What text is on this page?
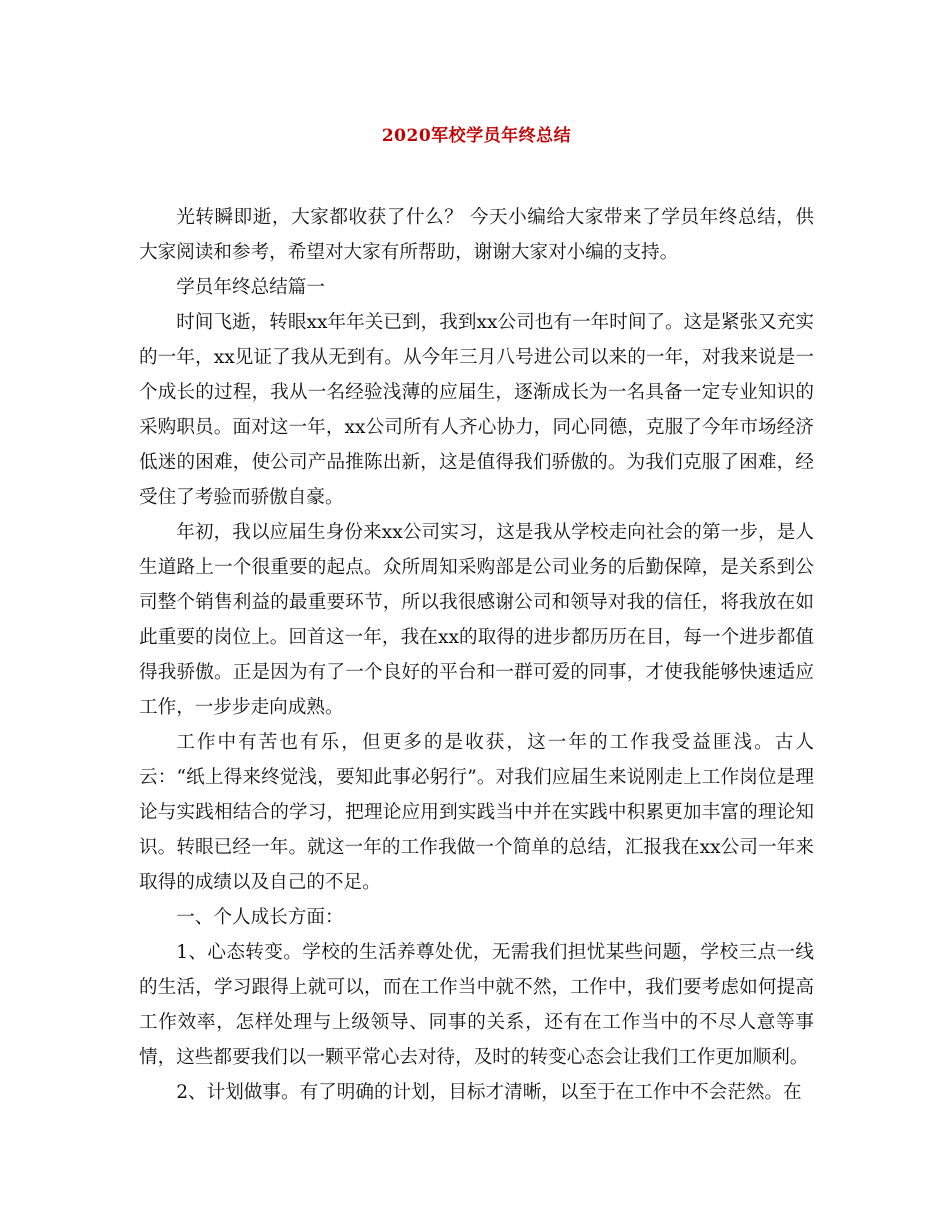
2020军校学员年终总结

光转瞬即逝，大家都收获了什么？ 今天小编给大家带来了学员年终总结，供大家阅读和参考，希望对大家有所帮助，谢谢大家对小编的支持。

学员年终总结篇一

时间飞逝，转眼xx年年关已到，我到xx公司也有一年时间了。这是紧张又充实的一年，xx见证了我从无到有。从今年三月八号进公司以来的一年，对我来说是一个成长的过程，我从一名经验浅薄的应届生，逐渐成长为一名具备一定专业知识的采购职员。面对这一年，xx公司所有人齐心协力，同心同德，克服了今年市场经济低迷的困难，使公司产品推陈出新，这是值得我们骄傲的。为我们克服了困难，经受住了考验而骄傲自豪。

年初，我以应届生身份来xx公司实习，这是我从学校走向社会的第一步，是人生道路上一个很重要的起点。众所周知采购部是公司业务的后勤保障，是关系到公司整个销售利益的最重要环节，所以我很感谢公司和领导对我的信任，将我放在如此重要的岗位上。回首这一年，我在xx的取得的进步都历历在目，每一个进步都值得我骄傲。正是因为有了一个良好的平台和一群可爱的同事，才使我能够快速适应工作，一步步走向成熟。

工作中有苦也有乐，但更多的是收获，这一年的工作我受益匪浅。古人云：“纸上得来终觉浅，要知此事必躬行”。对我们应届生来说刚走上工作岗位是理论与实践相结合的学习，把理论应用到实践当中并在实践中积累更加丰富的理论知识。转眼已经一年。就这一年的工作我做一个简单的总结，汇报我在xx公司一年来取得的成绩以及自己的不足。

一、个人成长方面：

1、心态转变。学校的生活养尊处优，无需我们担忧某些问题，学校三点一线的生活，学习跟得上就可以，而在工作当中就不然，工作中，我们要考虑如何提高工作效率，怎样处理与上级领导、同事的关系，还有在工作当中的不尽人意等事情，这些都要我们以一颗平常心去对待，及时的转变心态会让我们工作更加顺利。

2、计划做事。有了明确的计划，目标才清晰，以至于在工作中不会茫然。在
